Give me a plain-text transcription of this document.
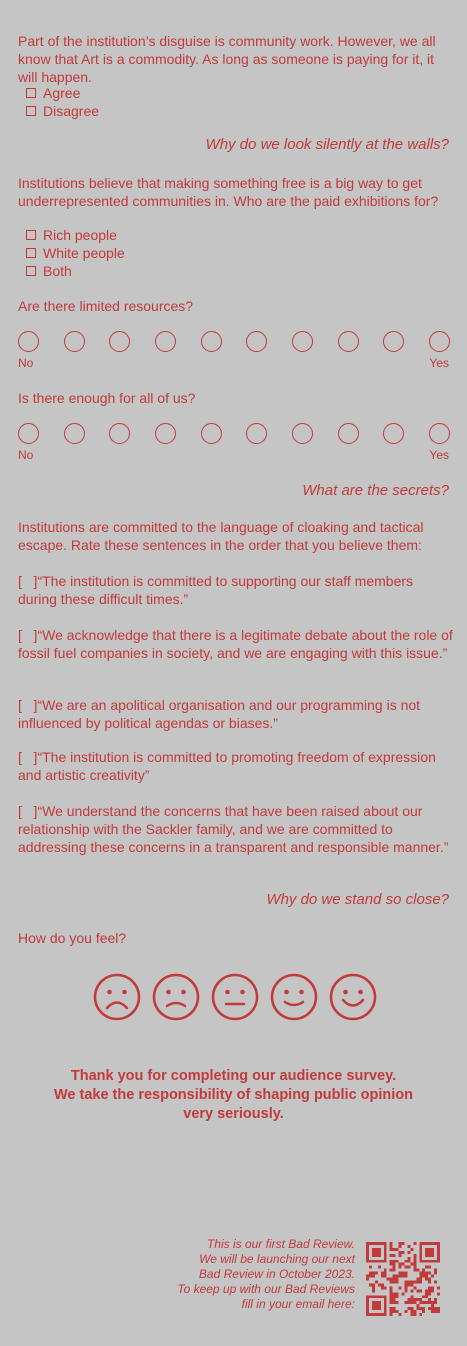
Part of the institution’s disguise is community work. However, we all know that Art is a commodity. As long as someone is paying for it, it will happen.
Agree
Disagree
Why do we look silently at the walls?
Institutions believe that making something free is a big way to get underrepresented communities in. Who are the paid exhibitions for?
Rich people
White people
Both
Are there limited resources?
No	Yes
Is there enough for all of us?
No	Yes
What are the secrets?
Institutions are committed to the language of cloaking and tactical escape. Rate these sentences in the order that you believe them:
[   ]“The institution is committed to supporting our staff members during these difficult times.”
[   ]“We acknowledge that there is a legitimate debate about the role of fossil fuel companies in society, and we are engaging with this issue.”
[   ]“We are an apolitical organisation and our programming is not influenced by political agendas or biases.”
[   ]“The institution is committed to promoting freedom of expression and artistic creativity”
[   ]“We understand the concerns that have been raised about our relationship with the Sackler family, and we are committed to addressing these concerns in a transparent and responsible manner.”
Why do we stand so close?
How do you feel?
Thank you for completing our audience survey.
We take the responsibility of shaping public opinion
very seriously.
This is our first Bad Review.
We will be launching our next
Bad Review in October 2023.
To keep up with our Bad Reviews
fill in your email here:
